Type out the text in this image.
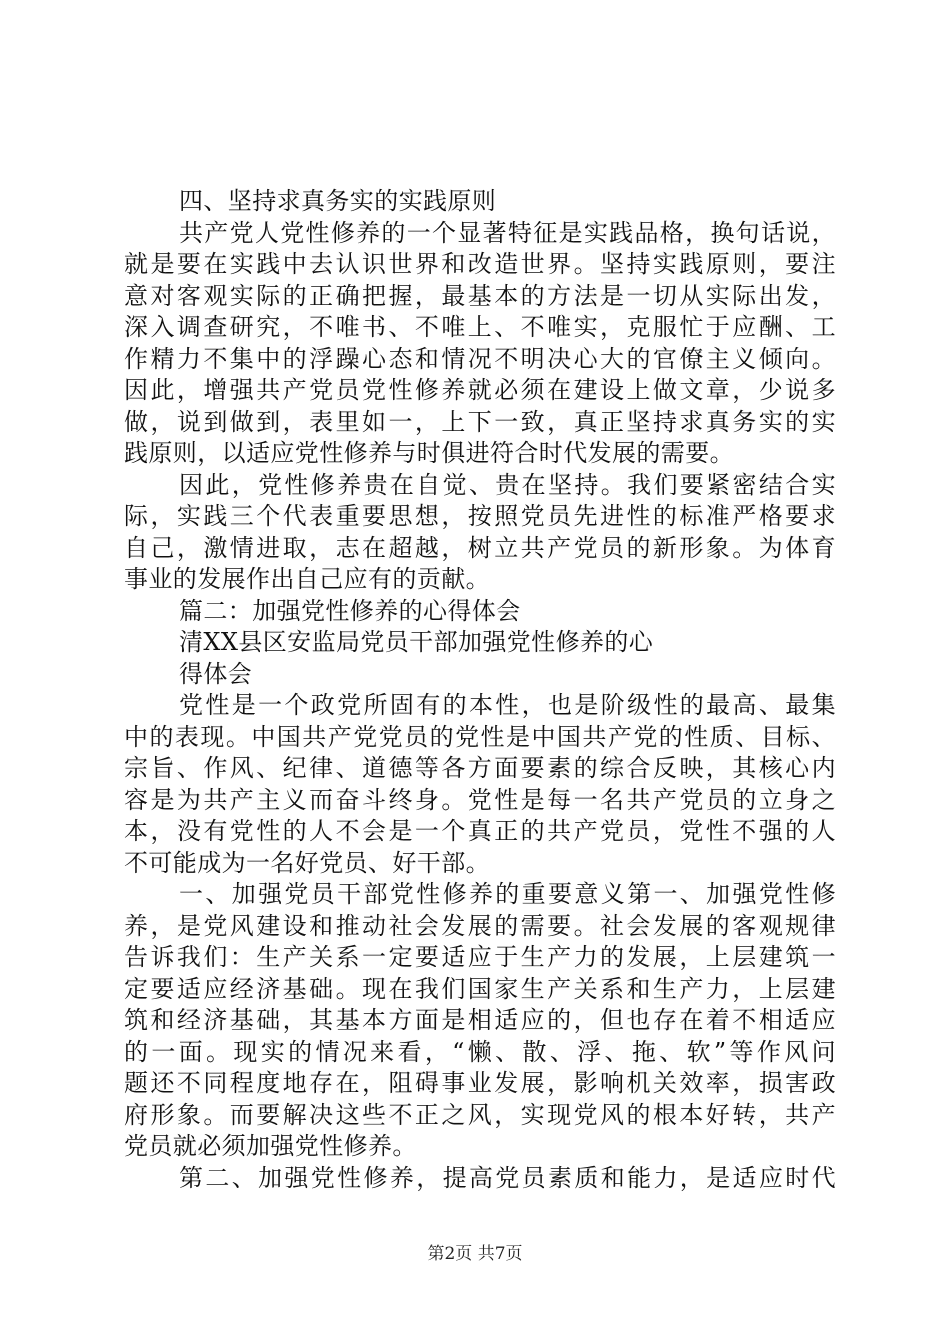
四、坚持求真务实的实践原则
共产党人党性修养的一个显著特征是实践品格，换句话说，
就是要在实践中去认识世界和改造世界。坚持实践原则，要注
意对客观实际的正确把握，最基本的方法是一切从实际出发，
深入调查研究，不唯书、不唯上、不唯实，克服忙于应酬、工
作精力不集中的浮躁心态和情况不明决心大的官僚主义倾向。
因此，增强共产党员党性修养就必须在建设上做文章，少说多
做，说到做到，表里如一，上下一致，真正坚持求真务实的实
践原则，以适应党性修养与时俱进符合时代发展的需要。
因此，党性修养贵在自觉、贵在坚持。我们要紧密结合实
际，实践三个代表重要思想，按照党员先进性的标准严格要求
自己，激情进取，志在超越，树立共产党员的新形象。为体育
事业的发展作出自己应有的贡献。
篇二：加强党性修养的心得体会
清XX县区安监局党员干部加强党性修养的心
得体会
党性是一个政党所固有的本性，也是阶级性的最高、最集
中的表现。中国共产党党员的党性是中国共产党的性质、目标、
宗旨、作风、纪律、道德等各方面要素的综合反映，其核心内
容是为共产主义而奋斗终身。党性是每一名共产党员的立身之
本，没有党性的人不会是一个真正的共产党员，党性不强的人
不可能成为一名好党员、好干部。
一、加强党员干部党性修养的重要意义第一、加强党性修
养，是党风建设和推动社会发展的需要。社会发展的客观规律
告诉我们：生产关系一定要适应于生产力的发展，上层建筑一
定要适应经济基础。现在我们国家生产关系和生产力，上层建
筑和经济基础，其基本方面是相适应的，但也存在着不相适应
的一面。现实的情况来看，“懒、散、浮、拖、软”等作风问
题还不同程度地存在，阻碍事业发展，影响机关效率，损害政
府形象。而要解决这些不正之风，实现党风的根本好转，共产
党员就必须加强党性修养。
第二、加强党性修养，提高党员素质和能力，是适应时代
第2页 共7页
